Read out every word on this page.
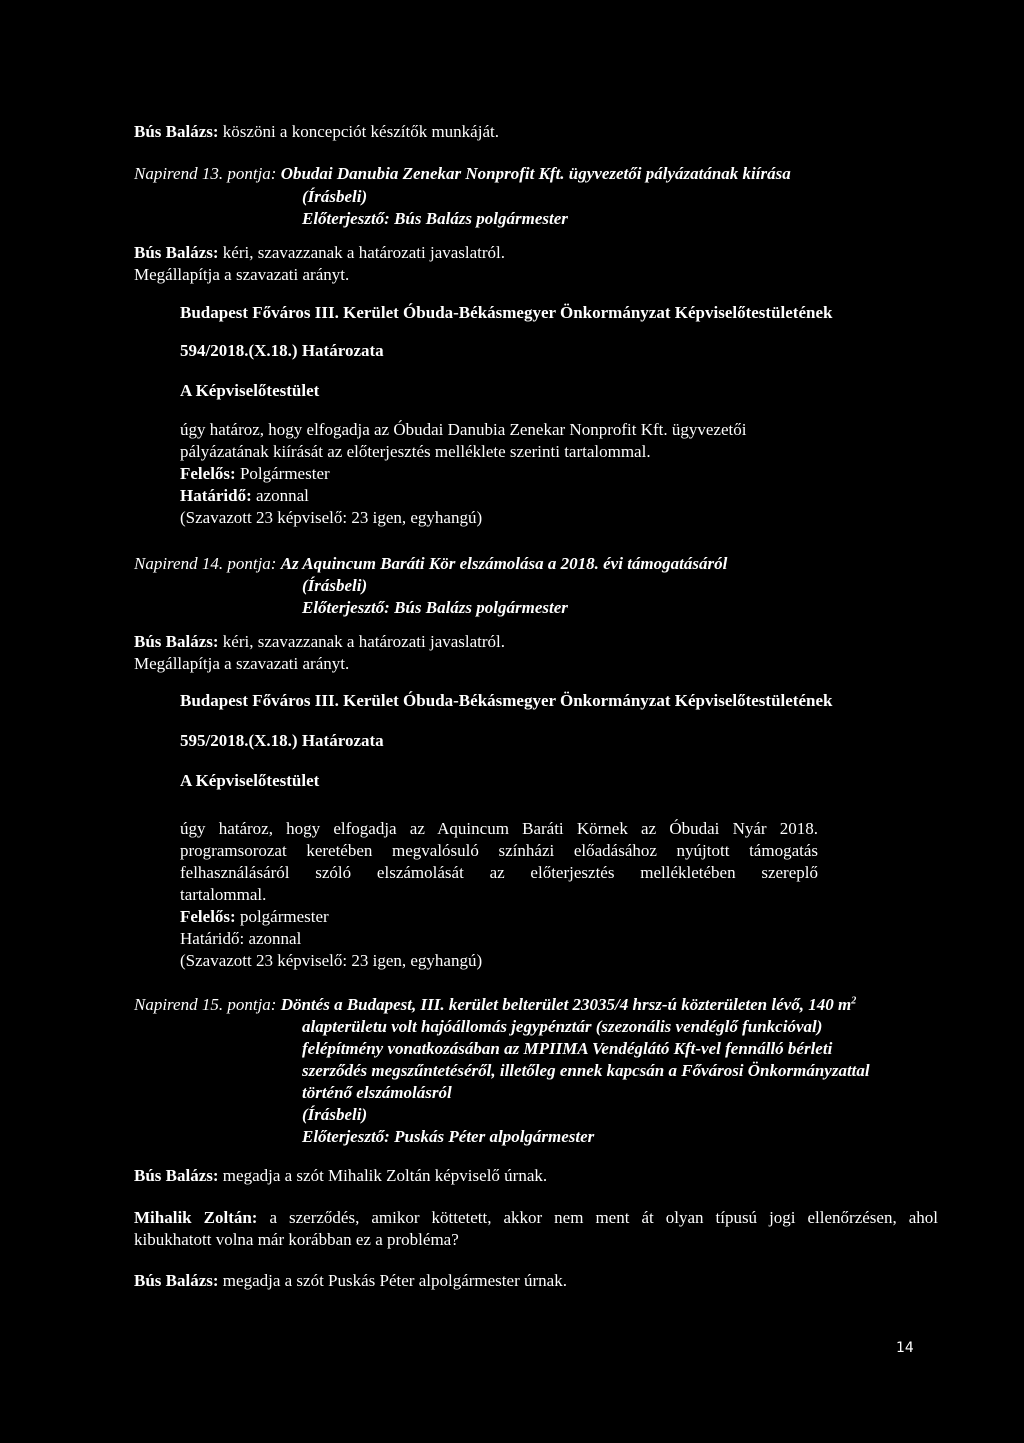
Bús Balázs: köszöni a koncepciót készítők munkáját.
Napirend 13. pontja: Obudai Danubia Zenekar Nonprofit Kft. ügyvezetői pályázatának kiírása
(Írásbeli)
Előterjesztő: Bús Balázs polgármester
Bús Balázs: kéri, szavazzanak a határozati javaslatról.
Megállapítja a szavazati arányt.
Budapest Főváros III. Kerület Óbuda-Békásmegyer Önkormányzat Képviselőtestületének
594/2018.(X.18.) Határozata
A Képviselőtestület
úgy határoz, hogy elfogadja az Óbudai Danubia Zenekar Nonprofit Kft. ügyvezetői
pályázatának kiírását az előterjesztés melléklete szerinti tartalommal.
Felelős: Polgármester
Határidő: azonnal
(Szavazott 23 képviselő: 23 igen, egyhangú)
Napirend 14. pontja: Az Aquincum Baráti Kör elszámolása a 2018. évi támogatásáról
(Írásbeli)
Előterjesztő: Bús Balázs polgármester
Bús Balázs: kéri, szavazzanak a határozati javaslatról.
Megállapítja a szavazati arányt.
Budapest Főváros III. Kerület Óbuda-Békásmegyer Önkormányzat Képviselőtestületének
595/2018.(X.18.) Határozata
A Képviselőtestület
úgy határoz, hogy elfogadja az Aquincum Baráti Körnek az Óbudai Nyár 2018.
programsorozat keretében megvalósuló színházi előadásához nyújtott támogatás
felhasználásáról szóló elszámolását az előterjesztés mellékletében szereplő
tartalommal.
Felelős: polgármester
Határidő: azonnal
(Szavazott 23 képviselő: 23 igen, egyhangú)
Napirend 15. pontja: Döntés a Budapest, III. kerület belterület 23035/4 hrsz-ú közterületen lévő, 140 $m^2$
alapterületu volt hajóállomás jegypénztár (szezonális vendéglő funkcióval)
felépítmény vonatkozásában az MPIIMA Vendéglátó Kft-vel fennálló bérleti
szerződés megszűntetéséről, illetőleg ennek kapcsán a Fővárosi Önkormányzattal
történő elszámolásról
(Írásbeli)
Előterjesztő: Puskás Péter alpolgármester
Bús Balázs: megadja a szót Mihalik Zoltán képviselő úrnak.
Mihalik Zoltán: a szerződés, amikor köttetett, akkor nem ment át olyan típusú jogi ellenőrzésen, ahol
kibukhatott volna már korábban ez a probléma?
Bús Balázs: megadja a szót Puskás Péter alpolgármester úrnak.
14
